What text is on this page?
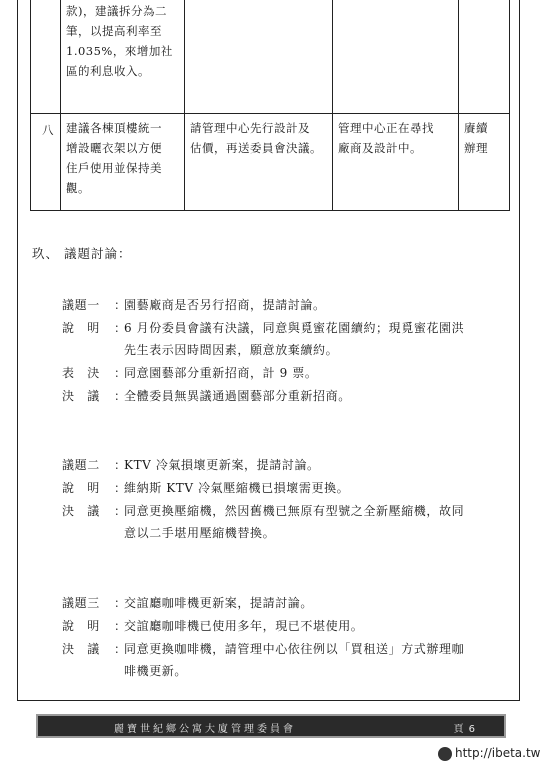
款)，建議拆分為二
筆，以提高利率至
1.035%，來增加社
區的利息收入。
八	建議各棟頂樓統一
增設曬衣架以方便
住戶使用並保持美
觀。
請管理中心先行設計及
估價，再送委員會決議。
管理中心正在尋找
廠商及設計中。
賡續
辦理
玖、 議題討論：
議題一 ：園藝廠商是否另行招商，提請討論。
說　明 ：6 月份委員會議有決議，同意與覓蜜花園續約；現覓蜜花園洪
先生表示因時間因素，願意放棄續約。
表　決 ：同意園藝部分重新招商，計 9 票。
決　議 ：全體委員無異議通過園藝部分重新招商。
議題二 ：KTV 冷氣損壞更新案，提請討論。
說　明 ：維納斯 KTV 冷氣壓縮機已損壞需更換。
決　議 ：同意更換壓縮機，然因舊機已無原有型號之全新壓縮機，故同
意以二手堪用壓縮機替換。
議題三 ：交誼廳咖啡機更新案，提請討論。
說　明 ：交誼廳咖啡機已使用多年，現已不堪使用。
決　議 ：同意更換咖啡機，請管理中心依往例以「買租送」方式辦理咖
啡機更新。
麗寶世紀鄉公寓大廈管理委員會	頁 6
http://ibeta.tw
